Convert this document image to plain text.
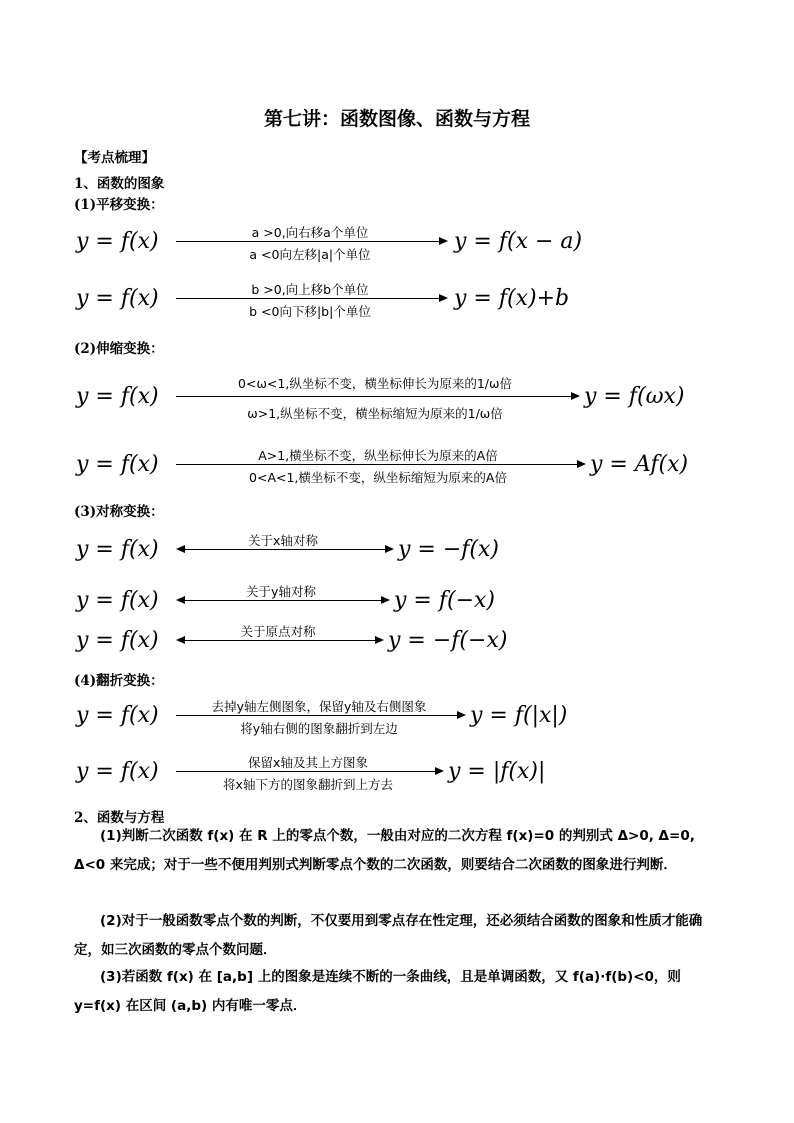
第七讲：函数图像、函数与方程
【考点梳理】
1、函数的图象
(1)平移变换：
y = f(x)	a >0,向右移a个单位
a <0向左移|a|个单位
y = f(x − a)
y = f(x)	b >0,向上移b个单位
b <0向下移|b|个单位
y = f(x)+b
(2)伸缩变换：
y = f(x)
0<ω<1,纵坐标不变，横坐标伸长为原来的1/ω倍
ω>1,纵坐标不变，横坐标缩短为原来的1/ω倍
y = f(ωx)
y = f(x)	A>1,横坐标不变，纵坐标伸长为原来的A倍
0<A<1,横坐标不变，纵坐标缩短为原来的A倍
y = Af(x)
(3)对称变换：
y = f(x)	关于x轴对称	y = −f(x)
y = f(x)	关于y轴对称	y = f(−x)
y = f(x)	关于原点对称	y = −f(−x)
(4)翻折变换：
y = f(x)	去掉y轴左侧图象，保留y轴及右侧图象
将y轴右侧的图象翻折到左边
y = f(|x|)
y = f(x)	保留x轴及其上方图象
将x轴下方的图象翻折到上方去
y = |f(x)|
2、函数与方程
(1)判断二次函数 f(x) 在 R 上的零点个数，一般由对应的二次方程 f(x)=0 的判别式 Δ>0, Δ=0, Δ<0 来完成；对于一些不便用判别式判断零点个数的二次函数，则要结合二次函数的图象进行判断．
(2)对于一般函数零点个数的判断，不仅要用到零点存在性定理，还必须结合函数的图象和性质才能确定，如三次函数的零点个数问题．
(3)若函数 f(x) 在 [a,b] 上的图象是连续不断的一条曲线，且是单调函数，又 f(a)·f(b)<0，则 y=f(x) 在区间 (a,b) 内有唯一零点．
